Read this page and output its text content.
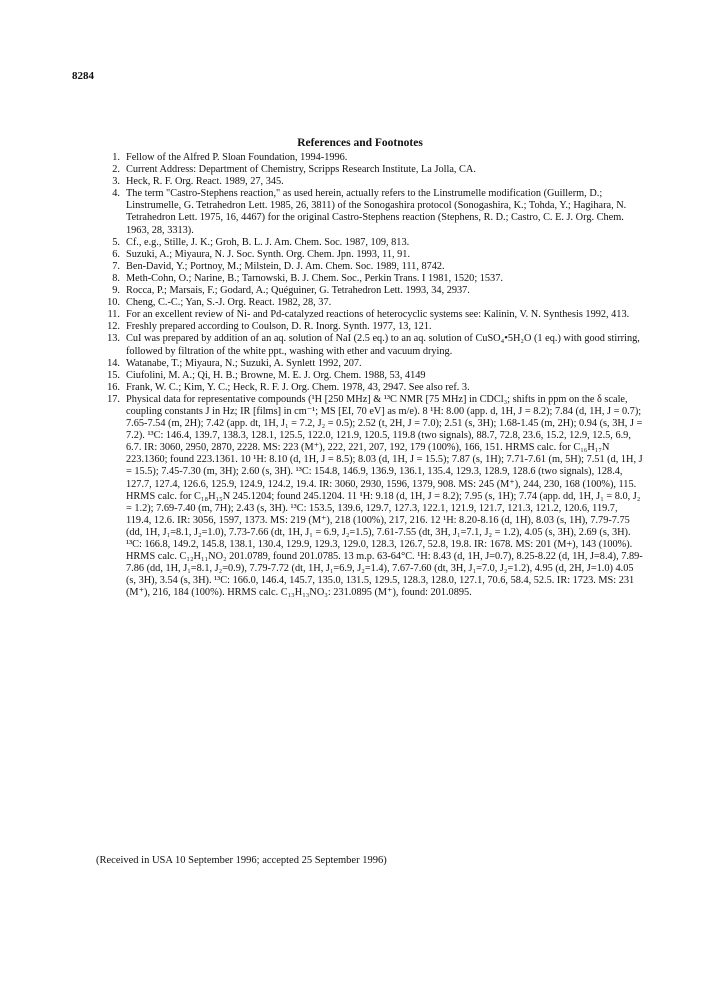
8284
References and Footnotes
1. Fellow of the Alfred P. Sloan Foundation, 1994-1996.
2. Current Address: Department of Chemistry, Scripps Research Institute, La Jolla, CA.
3. Heck, R. F. Org. React. 1989, 27, 345.
4. The term "Castro-Stephens reaction," as used herein, actually refers to the Linstrumelle modification (Guillerm, D.; Linstrumelle, G. Tetrahedron Lett. 1985, 26, 3811) of the Sonogashira protocol (Sonogashira, K.; Tohda, Y.; Hagihara, N. Tetrahedron Lett. 1975, 16, 4467) for the original Castro-Stephens reaction (Stephens, R. D.; Castro, C. E. J. Org. Chem. 1963, 28, 3313).
5. Cf., e.g., Stille, J. K.; Groh, B. L. J. Am. Chem. Soc. 1987, 109, 813.
6. Suzuki, A.; Miyaura, N. J. Soc. Synth. Org. Chem. Jpn. 1993, 11, 91.
7. Ben-David, Y.; Portnoy, M.; Milstein, D. J. Am. Chem. Soc. 1989, 111, 8742.
8. Meth-Cohn, O.; Narine, B.; Tarnowski, B. J. Chem. Soc., Perkin Trans. I 1981, 1520; 1537.
9. Rocca, P.; Marsais, F.; Godard, A.; Quéguiner, G. Tetrahedron Lett. 1993, 34, 2937.
10. Cheng, C.-C.; Yan, S.-J. Org. React. 1982, 28, 37.
11. For an excellent review of Ni- and Pd-catalyzed reactions of heterocyclic systems see: Kalinin, V. N. Synthesis 1992, 413.
12. Freshly prepared according to Coulson, D. R. Inorg. Synth. 1977, 13, 121.
13. CuI was prepared by addition of an aq. solution of NaI (2.5 eq.) to an aq. solution of CuSO₄•5H₂O (1 eq.) with good stirring, followed by filtration of the white ppt., washing with ether and vacuum drying.
14. Watanabe, T.; Miyaura, N.; Suzuki, A. Synlett 1992, 207.
15. Ciufolini, M. A.; Qi, H. B.; Browne, M. E. J. Org. Chem. 1988, 53, 4149
16. Frank, W. C.; Kim, Y. C.; Heck, R. F. J. Org. Chem. 1978, 43, 2947. See also ref. 3.
17. Physical data for representative compounds (¹H [250 MHz] & ¹³C NMR [75 MHz] in CDCl₃; shifts in ppm on the δ scale, coupling constants J in Hz; IR [films] in cm⁻¹; MS [EI, 70 eV] as m/e). 8 ¹H: 8.00 (app. d, 1H, J = 8.2); 7.84 (d, 1H, J = 0.7); 7.65-7.54 (m, 2H); 7.42 (app. dt, 1H, J₁ = 7.2, J₂ = 0.5); 2.52 (t, 2H, J = 7.0); 2.51 (s, 3H); 1.68-1.45 (m, 2H); 0.94 (s, 3H, J = 7.2). ¹³C: 146.4, 139.7, 138.3, 128.1, 125.5, 122.0, 121.9, 120.5, 119.8 (two signals), 88.7, 72.8, 23.6, 15.2, 12.9, 12.5, 6.9, 6.7. IR: 3060, 2950, 2870, 2228. MS: 223 (M⁺), 222, 221, 207, 192, 179 (100%), 166, 151. HRMS calc. for C₁₆H₁₇N 223.1360; found 223.1361. 10 ¹H: 8.10 (d, 1H, J = 8.5); 8.03 (d, 1H, J = 15.5); 7.87 (s, 1H); 7.71-7.61 (m, 5H); 7.51 (d, 1H, J = 15.5); 7.45-7.30 (m, 3H); 2.60 (s, 3H). ¹³C: 154.8, 146.9, 136.9, 136.1, 135.4, 129.3, 128.9, 128.6 (two signals), 128.4, 127.7, 127.4, 126.6, 125.9, 124.9, 124.2, 19.4. IR: 3060, 2930, 1596, 1379, 908. MS: 245 (M⁺), 244, 230, 168 (100%), 115. HRMS calc. for C₁₈H₁₅N 245.1204; found 245.1204. 11 ¹H: 9.18 (d, 1H, J = 8.2); 7.95 (s, 1H); 7.74 (app. dd, 1H, J₁ = 8.0, J₂ = 1.2); 7.69-7.40 (m, 7H); 2.43 (s, 3H). ¹³C: 153.5, 139.6, 129.7, 127.3, 122.1, 121.9, 121.7, 121.3, 121.2, 120.6, 119.7, 119.4, 12.6. IR: 3056, 1597, 1373. MS: 219 (M⁺), 218 (100%), 217, 216. 12 ¹H: 8.20-8.16 (d, 1H), 8.03 (s, 1H), 7.79-7.75 (dd, 1H, J₁=8.1, J₂=1.0), 7.73-7.66 (dt, 1H, J₁ = 6.9, J₂=1.5), 7.61-7.55 (dt, 3H, J₁=7.1, J₂ = 1.2), 4.05 (s, 3H), 2.69 (s, 3H). ¹³C: 166.8, 149.2, 145.8, 138.1, 130.4, 129.9, 129.3, 129.0, 128.3, 126.7, 52.8, 19.8. IR: 1678. MS: 201 (M+), 143 (100%). HRMS calc. C₁₂H₁₁NO₂ 201.0789, found 201.0785. 13 m.p. 63-64°C. ¹H: 8.43 (d, 1H, J=0.7), 8.25-8.22 (d, 1H, J=8.4), 7.89-7.86 (dd, 1H, J₁=8.1, J₂=0.9), 7.79-7.72 (dt, 1H, J₁=6.9, J₂=1.4), 7.67-7.60 (dt, 3H, J₁=7.0, J₂=1.2), 4.95 (d, 2H, J=1.0) 4.05 (s, 3H), 3.54 (s, 3H). ¹³C: 166.0, 146.4, 145.7, 135.0, 131.5, 129.5, 128.3, 128.0, 127.1, 70.6, 58.4, 52.5. IR: 1723. MS: 231 (M⁺), 216, 184 (100%). HRMS calc. C₁₃H₁₃NO₃: 231.0895 (M⁺), found: 201.0895.
(Received in USA 10 September 1996; accepted 25 September 1996)
